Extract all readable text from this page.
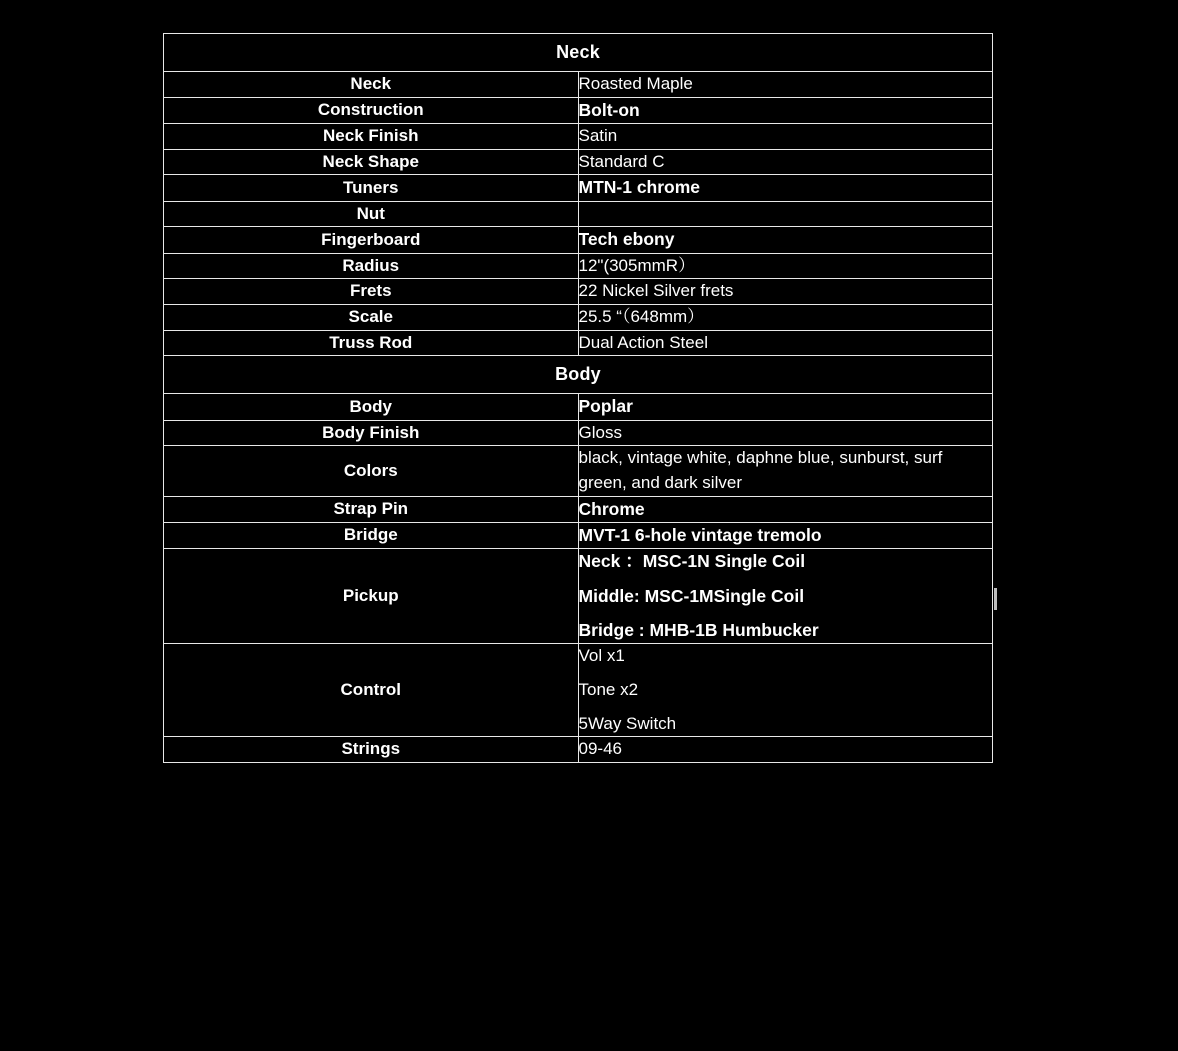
Neck	
Neck	Roasted Maple
Construction	Bolt-on
Neck Finish	Satin
Neck Shape	Standard C
Tuners	MTN-1 chrome
Nut	
Fingerboard	Tech ebony
Radius	12"(305mmR）
Frets	22 Nickel Silver frets
Scale	25.5 “（648mm）
Truss Rod	Dual Action Steel
Body	
Body	Poplar
Body Finish	Gloss
Colors	black, vintage white, daphne blue, sunburst, surf green, and dark silver
Strap Pin	Chrome
Bridge	MVT-1 6-hole vintage tremolo
Pickup	Neck ：MSC-1N Single Coil
Middle: MSC-1MSingle Coil
Bridge : MHB-1B Humbucker

Control	Vol x1
Tone x2
5Way Switch

Strings	09-46
